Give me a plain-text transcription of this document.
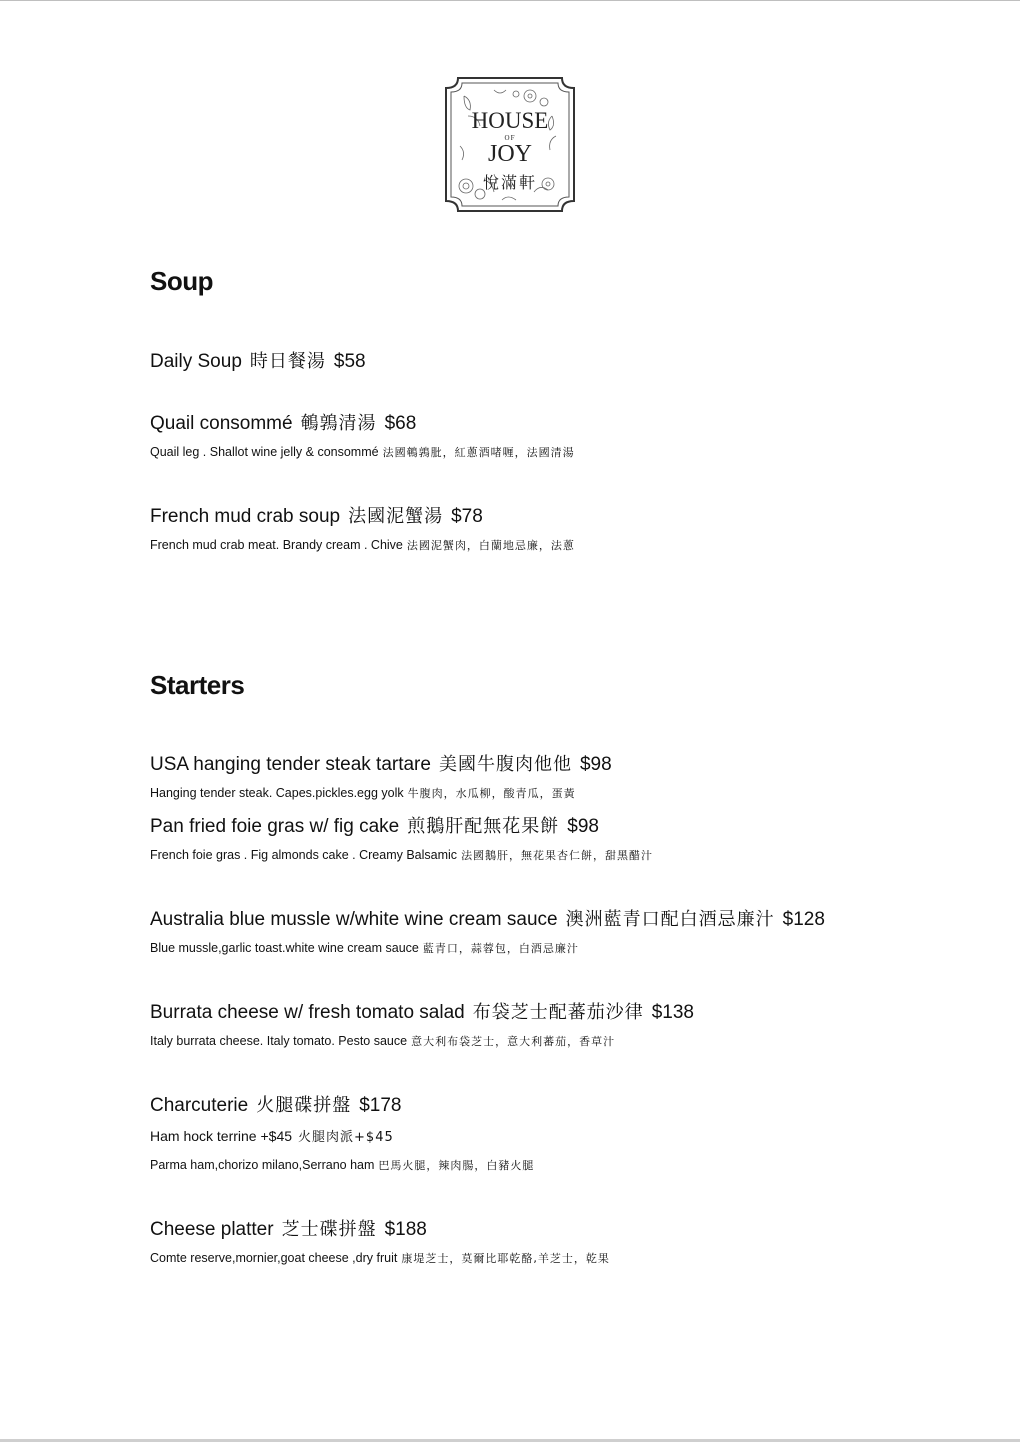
HOUSE
OF
JOY
悅滿軒
Soup
Daily Soup 時日餐湯 $58
Quail consommé 鵪鶉清湯 $68
Quail leg . Shallot wine jelly & consommé 法國鵪鶉肶，紅蔥酒啫喱，法國清湯
French mud crab soup 法國泥蟹湯 $78
French mud crab meat. Brandy cream . Chive 法國泥蟹肉，白蘭地忌廉，法蔥
Starters
USA hanging tender steak tartare 美國牛腹肉他他 $98
Hanging tender steak. Capes.pickles.egg yolk 牛腹肉，水瓜柳，酸青瓜，蛋黃
Pan fried foie gras w/ fig cake 煎鵝肝配無花果餅 $98
French foie gras . Fig almonds cake . Creamy Balsamic 法國鵝肝，無花果杏仁餅，甜黑醋汁
Australia blue mussle w/white wine cream sauce 澳洲藍青口配白酒忌廉汁 $128
Blue mussle,garlic toast.white wine cream sauce 藍青口，蒜蓉包，白酒忌廉汁
Burrata cheese w/ fresh tomato salad 布袋芝士配蕃茄沙律 $138
Italy burrata cheese. Italy tomato. Pesto sauce 意大利布袋芝士，意大利蕃茄，香草汁
Charcuterie 火腿碟拼盤 $178
Ham hock terrine +$45 火腿肉派+$45
Parma ham,chorizo milano,Serrano ham 巴馬火腿，辣肉腸，白豬火腿
Cheese platter 芝士碟拼盤 $188
Comte reserve,mornier,goat cheese ,dry fruit 康堤芝士，莫爾比耶乾酪,羊芝士，乾果
